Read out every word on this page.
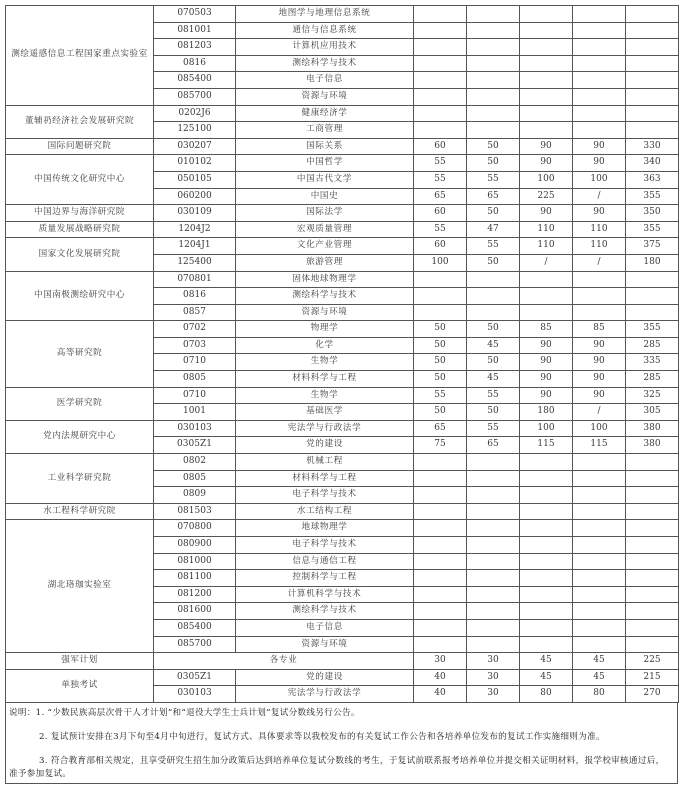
测绘遥感信息工程国家重点实验室	070503	地图学与地理信息系统					
	081001	通信与信息系统					
	081203	计算机应用技术					
	0816	测绘科学与技术					
	085400	电子信息					
	085700	资源与环境					
董辅礽经济社会发展研究院	0202J6	健康经济学					
	125100	工商管理					
国际问题研究院	030207	国际关系	60	50	90	90	330
中国传统文化研究中心	010102	中国哲学	55	50	90	90	340
	050105	中国古代文学	55	55	100	100	363
	060200	中国史	65	65	225	/	355
中国边界与海洋研究院	030109	国际法学	60	50	90	90	350
质量发展战略研究院	1204J2	宏观质量管理	55	47	110	110	355
国家文化发展研究院	1204J1	文化产业管理	60	55	110	110	375
	125400	旅游管理	100	50	/	/	180
中国南极测绘研究中心	070801	固体地球物理学					
	0816	测绘科学与技术					
	0857	资源与环境					
高等研究院	0702	物理学	50	50	85	85	355
	0703	化学	50	45	90	90	285
	0710	生物学	50	50	90	90	335
	0805	材料科学与工程	50	45	90	90	285
医学研究院	0710	生物学	55	55	90	90	325
	1001	基础医学	50	50	180	/	305
党内法规研究中心	030103	宪法学与行政法学	65	55	100	100	380
	0305Z1	党的建设	75	65	115	115	380
工业科学研究院	0802	机械工程					
	0805	材料科学与工程					
	0809	电子科学与技术					
水工程科学研究院	081503	水工结构工程					
湖北珞珈实验室	070800	地球物理学					
	080900	电子科学与技术					
	081000	信息与通信工程					
	081100	控制科学与工程					
	081200	计算机科学与技术					
	081600	测绘科学与技术					
	085400	电子信息					
	085700	资源与环境					
强军计划	各专业		30	30	45	45	225
单独考试	0305Z1	党的建设	40	30	45	45	215
	030103	宪法学与行政法学	40	30	80	80	270

说明：1. “少数民族高层次骨干人才计划”和“退役大学生士兵计划”复试分数线另行公告。

2. 复试预计安排在3月下旬至4月中旬进行，复试方式、具体要求等以我校发布的有关复试工作公告和各培养单位发布的复试工作实施细则为准。

3. 符合教育部相关规定，且享受研究生招生加分政策后达到培养单位复试分数线的考生，于复试前联系报考培养单位并提交相关证明材料，报学校审核通过后，准予参加复试。
